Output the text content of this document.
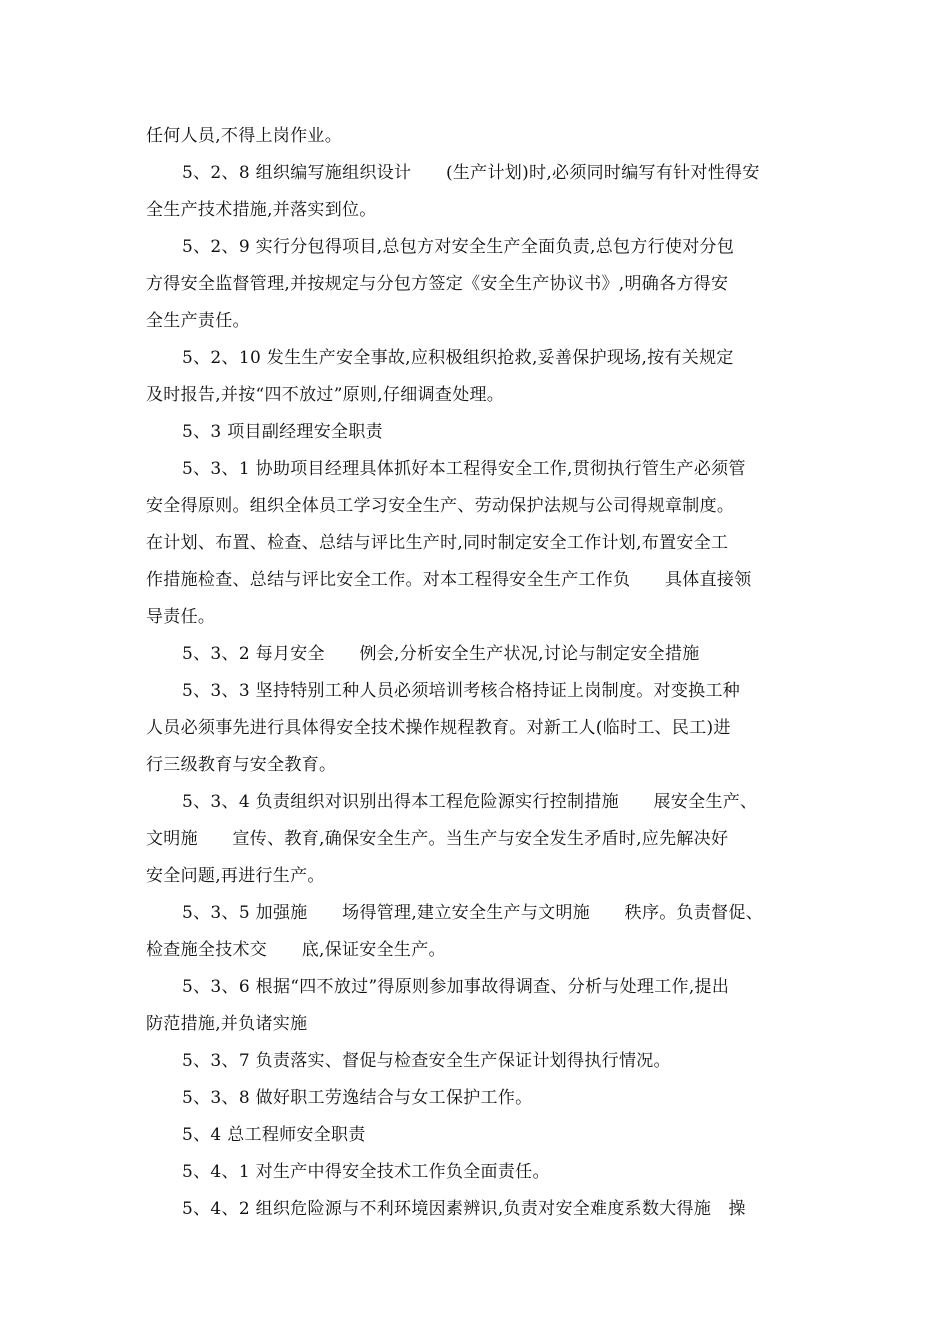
任何人员,不得上岗作业。
5、2、8 组织编写施组织设计　　(生产计划)时,必须同时编写有针对性得安
全生产技术措施,并落实到位。
5、2、9 实行分包得项目,总包方对安全生产全面负责,总包方行使对分包
方得安全监督管理,并按规定与分包方签定《安全生产协议书》,明确各方得安
全生产责任。
5、2、10 发生生产安全事故,应积极组织抢救,妥善保护现场,按有关规定
及时报告,并按“四不放过”原则,仔细调查处理。
5、3 项目副经理安全职责
5、3、1 协助项目经理具体抓好本工程得安全工作,贯彻执行管生产必须管
安全得原则。组织全体员工学习安全生产、劳动保护法规与公司得规章制度。
在计划、布置、检查、总结与评比生产时,同时制定安全工作计划,布置安全工
作措施检查、总结与评比安全工作。对本工程得安全生产工作负　　具体直接领
导责任。
5、3、2 每月安全　　例会,分析安全生产状况,讨论与制定安全措施
5、3、3 坚持特别工种人员必须培训考核合格持证上岗制度。对变换工种
人员必须事先进行具体得安全技术操作规程教育。对新工人(临时工、民工)进
行三级教育与安全教育。
5、3、4 负责组织对识别出得本工程危险源实行控制措施　　展安全生产、
文明施　　宣传、教育,确保安全生产。当生产与安全发生矛盾时,应先解决好
安全问题,再进行生产。
5、3、5 加强施　　场得管理,建立安全生产与文明施　　秩序。负责督促、
检查施全技术交　　底,保证安全生产。
5、3、6 根据“四不放过”得原则参加事故得调查、分析与处理工作,提出
防范措施,并负诸实施
5、3、7 负责落实、督促与检查安全生产保证计划得执行情况。
5、3、8 做好职工劳逸结合与女工保护工作。
5、4 总工程师安全职责
5、4、1 对生产中得安全技术工作负全面责任。
5、4、2 组织危险源与不利环境因素辨识,负责对安全难度系数大得施　操
